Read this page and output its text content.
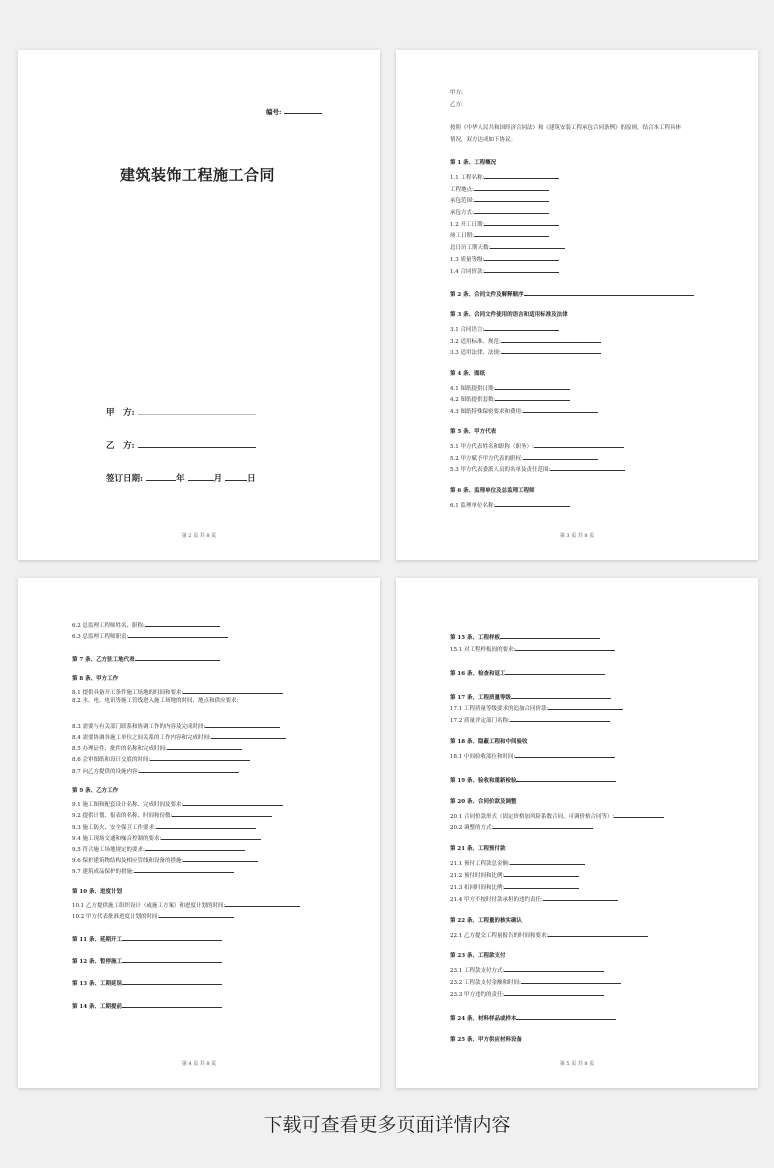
编号:
建筑装饰工程施工合同
甲　方:
乙　方:
签订日期:	年	月	日
第 2 页 共 8 页
甲方:
乙方:
按照《中华人民共和国经济合同法》和《建筑安装工程承包合同条例》的原则，结合本工程具体
情况，双方达成如下协议。
第 1 条、工程概况
1.1 工程名称:
工程地点:
承包范围:
承包方式:
1.2 开工日期:
竣工日期:
总日历工期天数:
1.3 质量等级:
1.4 合同价款:
第 2 条、合同文件及解释顺序
第 3 条、合同文件使用的语言和适用标准及法律
3.1 合同语言:
3.2 适用标准、规范:
3.3 适用法律、法规:
第 4 条、图纸
4.1 图纸提供日期:
4.2 图纸提供套数:
4.3 图纸特殊保密要求和费用:
第 5 条、甲方代表
5.1 甲方代表姓名和职称（职务）:
5.2 甲方赋予甲方代表的职权:
5.3 甲方代表委派人员的名单及责任范围:
第 6 条、监理单位及总监理工程师
6.1 监理单位名称:
第 3 页 共 8 页
6.2 总监理工程师姓名、职称:
6.3 总监理工程师职责:
第 7 条、乙方驻工地代表
第 8 条、甲方工作
8.1 提供具备开工条件施工场地的时间和要求:
8.2 水、电、电讯等施工管线进入施工场地的时间、地点和供应要求:
8.3 需要与有关部门联系和协调工作的内容及完成时间:
8.4 需要协调各施工单位之间关系的工作内容和完成时间:
8.5 办理证件、批件的名称和完成时间:
8.6 会审图纸和设计交底的时间:
8.7 向乙方提供的设施内容:
第 9 条、乙方工作
9.1 施工图和配套设计名称、完成时间及要求:
9.2 提供计划、报表的名称、时间和份数:
9.3 施工防火、安全保卫工作要求:
9.4 施工现场交通和噪音控制的要求:
9.5 符合施工场地规定的要求:
9.6 保护建筑物结构及相应管线和设备的措施:
9.7 建筑成品保护的措施:
第 10 条、进度计划
10.1 乙方提供施工组织设计（或施工方案）和进度计划的时间:
10.2 甲方代表批准进度计划的时间:
第 11 条、延期开工
第 12 条、暂停施工
第 13 条、工期延误
第 14 条、工期提前
第 4 页 共 8 页
第 15 条、工程样板
15.1 对工程样板间的要求:
第 16 条、检查和返工
第 17 条、工程质量等级
17.1 工程质量等级要求的追加合同价款:
17.2 质量评定部门名称:
第 18 条、隐蔽工程和中间验收
18.1 中间验收部位和时间:
第 19 条、验收和重新检验
第 20 条、合同价款及调整
20.1 合同价款形式（固定价格加风险系数合同、可调价格合同等）:
20.2 调整的方式:
第 21 条、工程预付款
21.1 预付工程款总金额:
21.2 预付时间和比例:
21.3 扣回时间和比例:
21.4 甲方不按时付款承担的违约责任:
第 22 条、工程量的核实确认
22.1 乙方提交工程量报告的时间和要求:
第 23 条、工程款支付
23.1 工程款支付方式:
23.2 工程款支付金额和时间:
23.3 甲方违约的责任:
第 24 条、材料样品或样本
第 25 条、甲方供应材料设备
第 5 页 共 8 页
下载可查看更多页面详情内容
